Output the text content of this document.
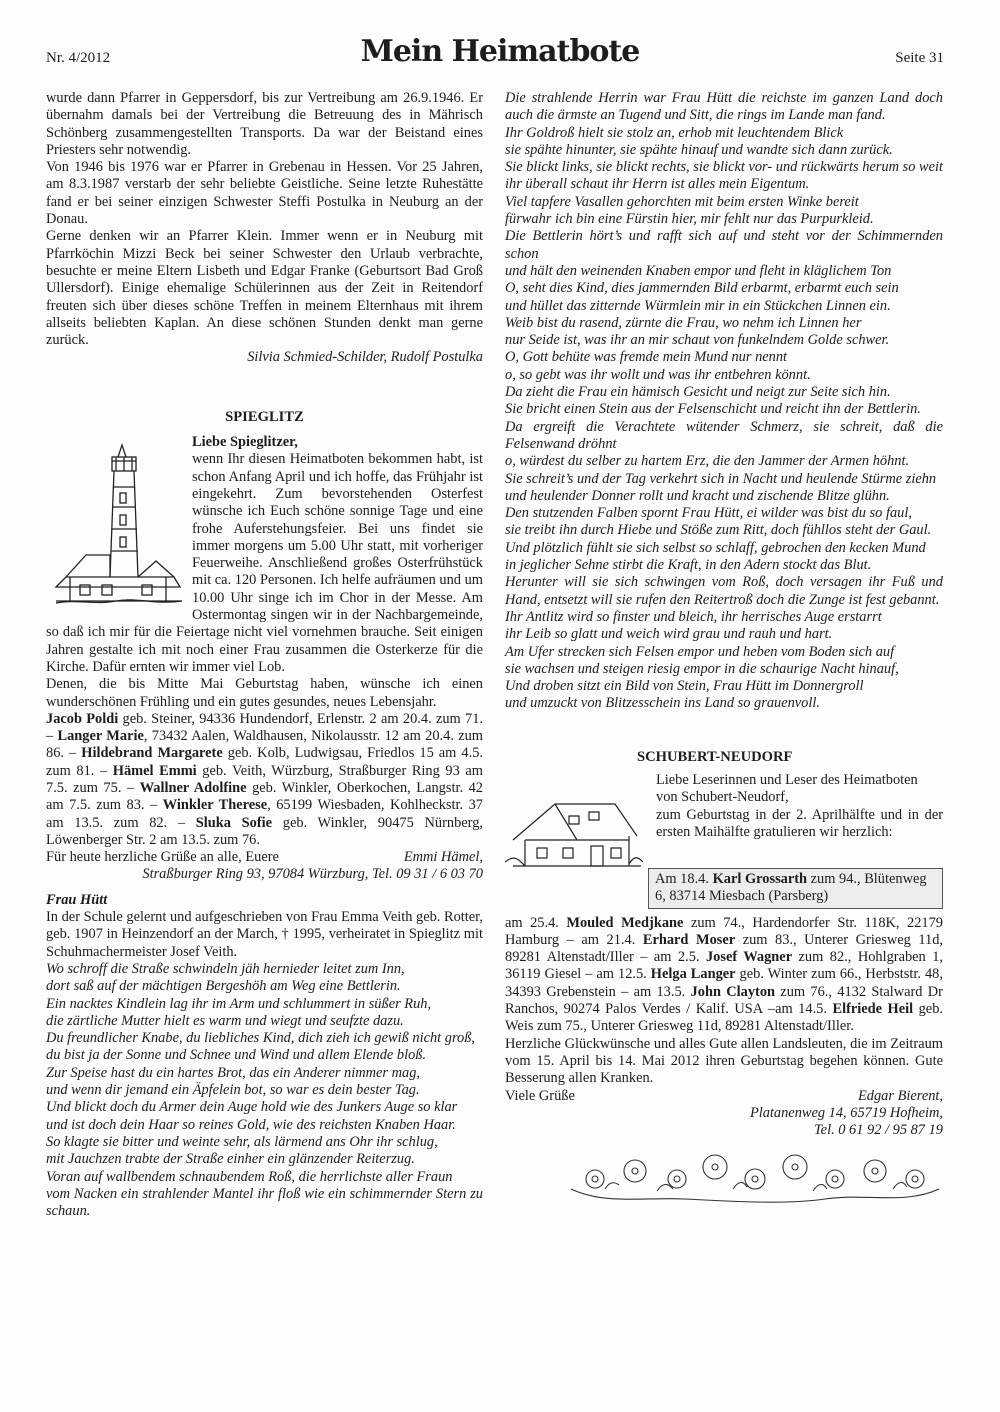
Nr. 4/2012	Mein Heimatbote	Seite 31

wurde dann Pfarrer in Geppersdorf, bis zur Vertreibung am 26.9.1946. Er übernahm damals bei der Vertreibung die Betreuung des in Mährisch Schönberg zusammengestellten Transports. Da war der Beistand eines Priesters sehr notwendig.

Von 1946 bis 1976 war er Pfarrer in Grebenau in Hessen. Vor 25 Jahren, am 8.3.1987 verstarb der sehr beliebte Geistliche. Seine letzte Ruhestätte fand er bei seiner einzigen Schwester Steffi Postulka in Neuburg an der Donau.

Gerne denken wir an Pfarrer Klein. Immer wenn er in Neuburg mit Pfarrköchin Mizzi Beck bei seiner Schwester den Urlaub verbrachte, besuchte er meine Eltern Lisbeth und Edgar Franke (Geburtsort Bad Groß Ullersdorf). Einige ehemalige Schülerinnen aus der Zeit in Reitendorf freuten sich über dieses schöne Treffen in meinem Elternhaus mit ihrem allseits beliebten Kaplan. An diese schönen Stunden denkt man gerne zurück.

Silvia Schmied-Schilder, Rudolf Postulka

SPIEGLITZ

Liebe Spieglitzer,

wenn Ihr diesen Heimatboten bekommen habt, ist schon Anfang April und ich hoffe, das Frühjahr ist eingekehrt. Zum bevorstehenden Osterfest wünsche ich Euch schöne sonnige Tage und eine frohe Auferstehungsfeier. Bei uns findet sie immer morgens um 5.00 Uhr statt, mit vorheriger Feuerweihe. Anschließend großes Osterfrühstück mit ca. 120 Personen. Ich helfe aufräumen und um 10.00 Uhr singe ich im Chor in der Messe. Am Ostermontag singen wir in der Nachbargemeinde, so daß ich mir für die Feiertage nicht viel vornehmen brauche. Seit einigen Jahren gestalte ich mit noch einer Frau zusammen die Osterkerze für die Kirche. Dafür ernten wir immer viel Lob.

Denen, die bis Mitte Mai Geburtstag haben, wünsche ich einen wunderschönen Frühling und ein gutes gesundes, neues Lebensjahr.

Jacob Poldi geb. Steiner, 94336 Hundendorf, Erlenstr. 2 am 20.4. zum 71. – Langer Marie, 73432 Aalen, Waldhausen, Nikolausstr. 12 am 20.4. zum 86. – Hildebrand Margarete geb. Kolb, Ludwigsau, Friedlos 15 am 4.5. zum 81. – Hämel Emmi geb. Veith, Würzburg, Straßburger Ring 93 am 7.5. zum 75. – Wallner Adolfine geb. Winkler, Oberkochen, Langstr. 42 am 7.5. zum 83. – Winkler Therese, 65199 Wiesbaden, Kohlheckstr. 37 am 13.5. zum 82. – Sluka Sofie geb. Winkler, 90475 Nürnberg, Löwenberger Str. 2 am 13.5. zum 76.

Für heute herzliche Grüße an alle, Euere	Emmi Hämel,

Straßburger Ring 93, 97084 Würzburg, Tel. 09 31 / 6 03 70

Frau Hütt

In der Schule gelernt und aufgeschrieben von Frau Emma Veith geb. Rotter, geb. 1907 in Heinzendorf an der March, † 1995, verheiratet in Spieglitz mit Schuhmachermeister Josef Veith.

Wo schroff die Straße schwindeln jäh hernieder leitet zum Inn,

dort saß auf der mächtigen Bergeshöh am Weg eine Bettlerin.

Ein nacktes Kindlein lag ihr im Arm und schlummert in süßer Ruh,

die zärtliche Mutter hielt es warm und wiegt und seufzte dazu.

Du freundlicher Knabe, du liebliches Kind, dich zieh ich gewiß nicht groß,

du bist ja der Sonne und Schnee und Wind und allem Elende bloß.

Zur Speise hast du ein hartes Brot, das ein Anderer nimmer mag,

und wenn dir jemand ein Äpfelein bot, so war es dein bester Tag.

Und blickt doch du Armer dein Auge hold wie des Junkers Auge so klar

und ist doch dein Haar so reines Gold, wie des reichsten Knaben Haar.

So klagte sie bitter und weinte sehr, als lärmend ans Ohr ihr schlug,

mit Jauchzen trabte der Straße einher ein glänzender Reiterzug.

Voran auf wallbendem schnaubendem Roß, die herrlichste aller Fraun

vom Nacken ein strahlender Mantel ihr floß wie ein schimmernder Stern zu schaun.

Die strahlende Herrin war Frau Hütt die reichste im ganzen Land doch auch die ärmste an Tugend und Sitt, die rings im Lande man fand.

Ihr Goldroß hielt sie stolz an, erhob mit leuchtendem Blick

sie spähte hinunter, sie spähte hinauf und wandte sich dann zurück.

Sie blickt links, sie blickt rechts, sie blickt vor- und rückwärts herum so weit ihr überall schaut ihr Herrn ist alles mein Eigentum.

Viel tapfere Vasallen gehorchten mit beim ersten Winke bereit

fürwahr ich bin eine Fürstin hier, mir fehlt nur das Purpurkleid.

Die Bettlerin hört’s und rafft sich auf und steht vor der Schimmernden schon

und hält den weinenden Knaben empor und fleht in kläglichem Ton

O, seht dies Kind, dies jammernden Bild erbarmt, erbarmt euch sein

und hüllet das zitternde Würmlein mir in ein Stückchen Linnen ein.

Weib bist du rasend, zürnte die Frau, wo nehm ich Linnen her

nur Seide ist, was ihr an mir schaut von funkelndem Golde schwer.

O, Gott behüte was fremde mein Mund nur nennt

o, so gebt was ihr wollt und was ihr entbehren könnt.

Da zieht die Frau ein hämisch Gesicht und neigt zur Seite sich hin.

Sie bricht einen Stein aus der Felsenschicht und reicht ihn der Bettlerin.

Da ergreift die Verachtete wütender Schmerz, sie schreit, daß die Felsenwand dröhnt

o, würdest du selber zu hartem Erz, die den Jammer der Armen höhnt.

Sie schreit’s und der Tag verkehrt sich in Nacht und heulende Stürme ziehn

und heulender Donner rollt und kracht und zischende Blitze glühn.

Den stutzenden Falben spornt Frau Hütt, ei wilder was bist du so faul,

sie treibt ihn durch Hiebe und Stöße zum Ritt, doch fühllos steht der Gaul.

Und plötzlich fühlt sie sich selbst so schlaff, gebrochen den kecken Mund

in jeglicher Sehne stirbt die Kraft, in den Adern stockt das Blut.

Herunter will sie sich schwingen vom Roß, doch versagen ihr Fuß und Hand, entsetzt will sie rufen den Reitertroß doch die Zunge ist fest gebannt.

Ihr Antlitz wird so finster und bleich, ihr herrisches Auge erstarrt

ihr Leib so glatt und weich wird grau und rauh und hart.

Am Ufer strecken sich Felsen empor und heben vom Boden sich auf

sie wachsen und steigen riesig empor in die schaurige Nacht hinauf,

Und droben sitzt ein Bild von Stein, Frau Hütt im Donnergroll

und umzuckt von Blitzesschein ins Land so grauenvoll.

SCHUBERT-NEUDORF

Liebe Leserinnen und Leser des Heimatboten

von Schubert-Neudorf,

zum Geburtstag in der 2. Aprilhälfte und in der ersten Maihälfte gratulieren wir herzlich:

Am 18.4. Karl Grossarth zum 94., Blütenweg 6, 83714 Miesbach (Parsberg)

am 25.4. Mouled Medjkane zum 74., Hardendorfer Str. 118K, 22179 Hamburg – am 21.4. Erhard Moser zum 83., Unterer Griesweg 11d, 89281 Altenstadt/Iller – am 2.5. Josef Wagner zum 82., Hohlgraben 1, 36119 Giesel – am 12.5. Helga Langer geb. Winter zum 66., Herbststr. 48, 34393 Grebenstein – am 13.5. John Clayton zum 76., 4132 Stalward Dr Ranchos, 90274 Palos Verdes / Kalif. USA –am 14.5. Elfriede Heil geb. Weis zum 75., Unterer Griesweg 11d, 89281 Altenstadt/Iller.

Herzliche Glückwünsche und alles Gute allen Landsleuten, die im Zeitraum vom 15. April bis 14. Mai 2012 ihren Geburtstag begehen können. Gute Besserung allen Kranken.

Viele Grüße	Edgar Bierent,

Platanenweg 14, 65719 Hofheim,

Tel. 0 61 92 / 95 87 19
